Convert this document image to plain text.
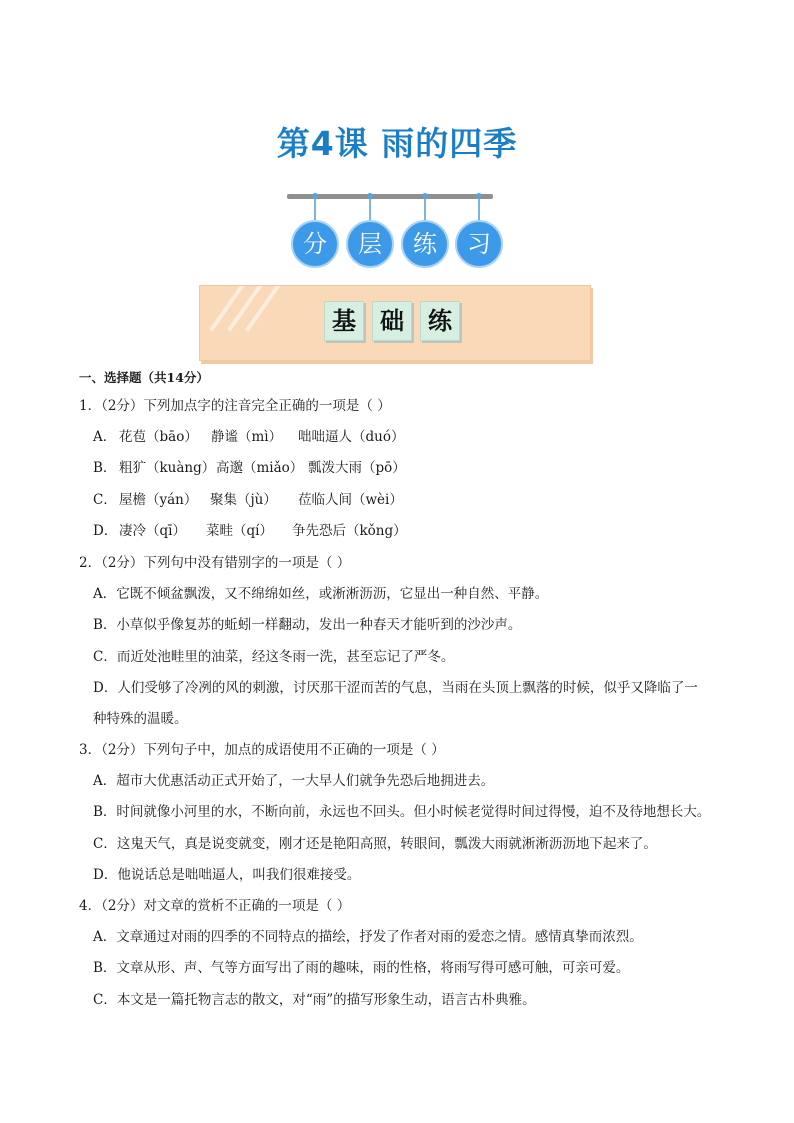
第4课 雨的四季
分	层	练	习
基	础	练
一、选择题（共14分）
1．（2分）下列加点字的注音完全正确的一项是（ ）
A． 花苞（bāo） 静谧（mì） 咄咄逼人（duó）
B． 粗犷（kuàng） 高邈（miǎo） 瓢泼大雨（pō）
C． 屋檐（yán） 聚集（jù） 莅临人间（wèi）
D． 凄冷（qī） 菜畦（qí） 争先恐后（kǒng）
2．（2分）下列句中没有错别字的一项是（ ）
A．它既不倾盆飘泼，又不绵绵如丝，或淅淅沥沥，它显出一种自然、平静。
B．小草似乎像复苏的蚯蚓一样翻动，发出一种春天才能听到的沙沙声。
C．而近处池畦里的油菜，经这冬雨一洗，甚至忘记了严冬。
D．人们受够了冷冽的风的刺激，讨厌那干涩而苦的气息，当雨在头顶上飘落的时候，似乎又降临了一
种特殊的温暖。
3．（2分）下列句子中，加点的成语使用不正确的一项是（ ）
A．超市大优惠活动正式开始了，一大早人们就争先恐后地拥进去。
B．时间就像小河里的水，不断向前，永远也不回头。但小时候老觉得时间过得慢，迫不及待地想长大。
C．这鬼天气，真是说变就变，刚才还是艳阳高照，转眼间，瓢泼大雨就淅淅沥沥地下起来了。
D．他说话总是咄咄逼人，叫我们很难接受。
4．（2分）对文章的赏析不正确的一项是（ ）
A．文章通过对雨的四季的不同特点的描绘，抒发了作者对雨的爱恋之情。感情真挚而浓烈。
B．文章从形、声、气等方面写出了雨的趣味，雨的性格，将雨写得可感可触，可亲可爱。
C．本文是一篇托物言志的散文，对“雨”的描写形象生动，语言古朴典雅。
